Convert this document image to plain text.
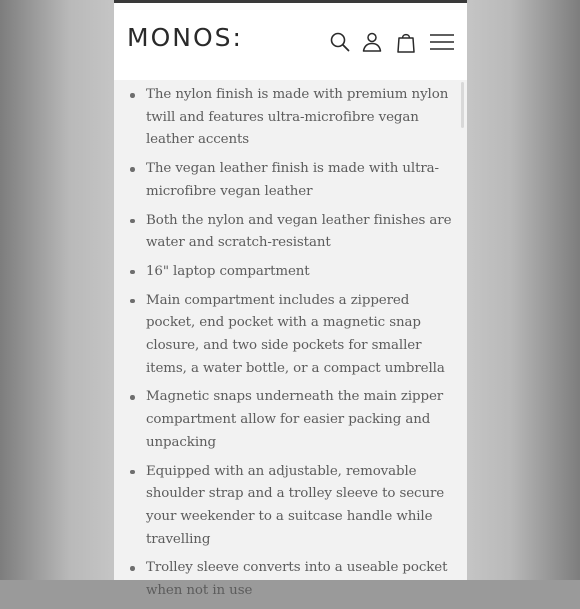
MONOS:
The nylon finish is made with premium nylon twill and features ultra-microfibre vegan leather accents
The vegan leather finish is made with ultra-microfibre vegan leather
Both the nylon and vegan leather finishes are water and scratch-resistant
16" laptop compartment
Main compartment includes a zippered pocket, end pocket with a magnetic snap closure, and two side pockets for smaller items, a water bottle, or a compact umbrella
Magnetic snaps underneath the main zipper compartment allow for easier packing and unpacking
Equipped with an adjustable, removable shoulder strap and a trolley sleeve to secure your weekender to a suitcase handle while travelling
Trolley sleeve converts into a useable pocket when not in use
